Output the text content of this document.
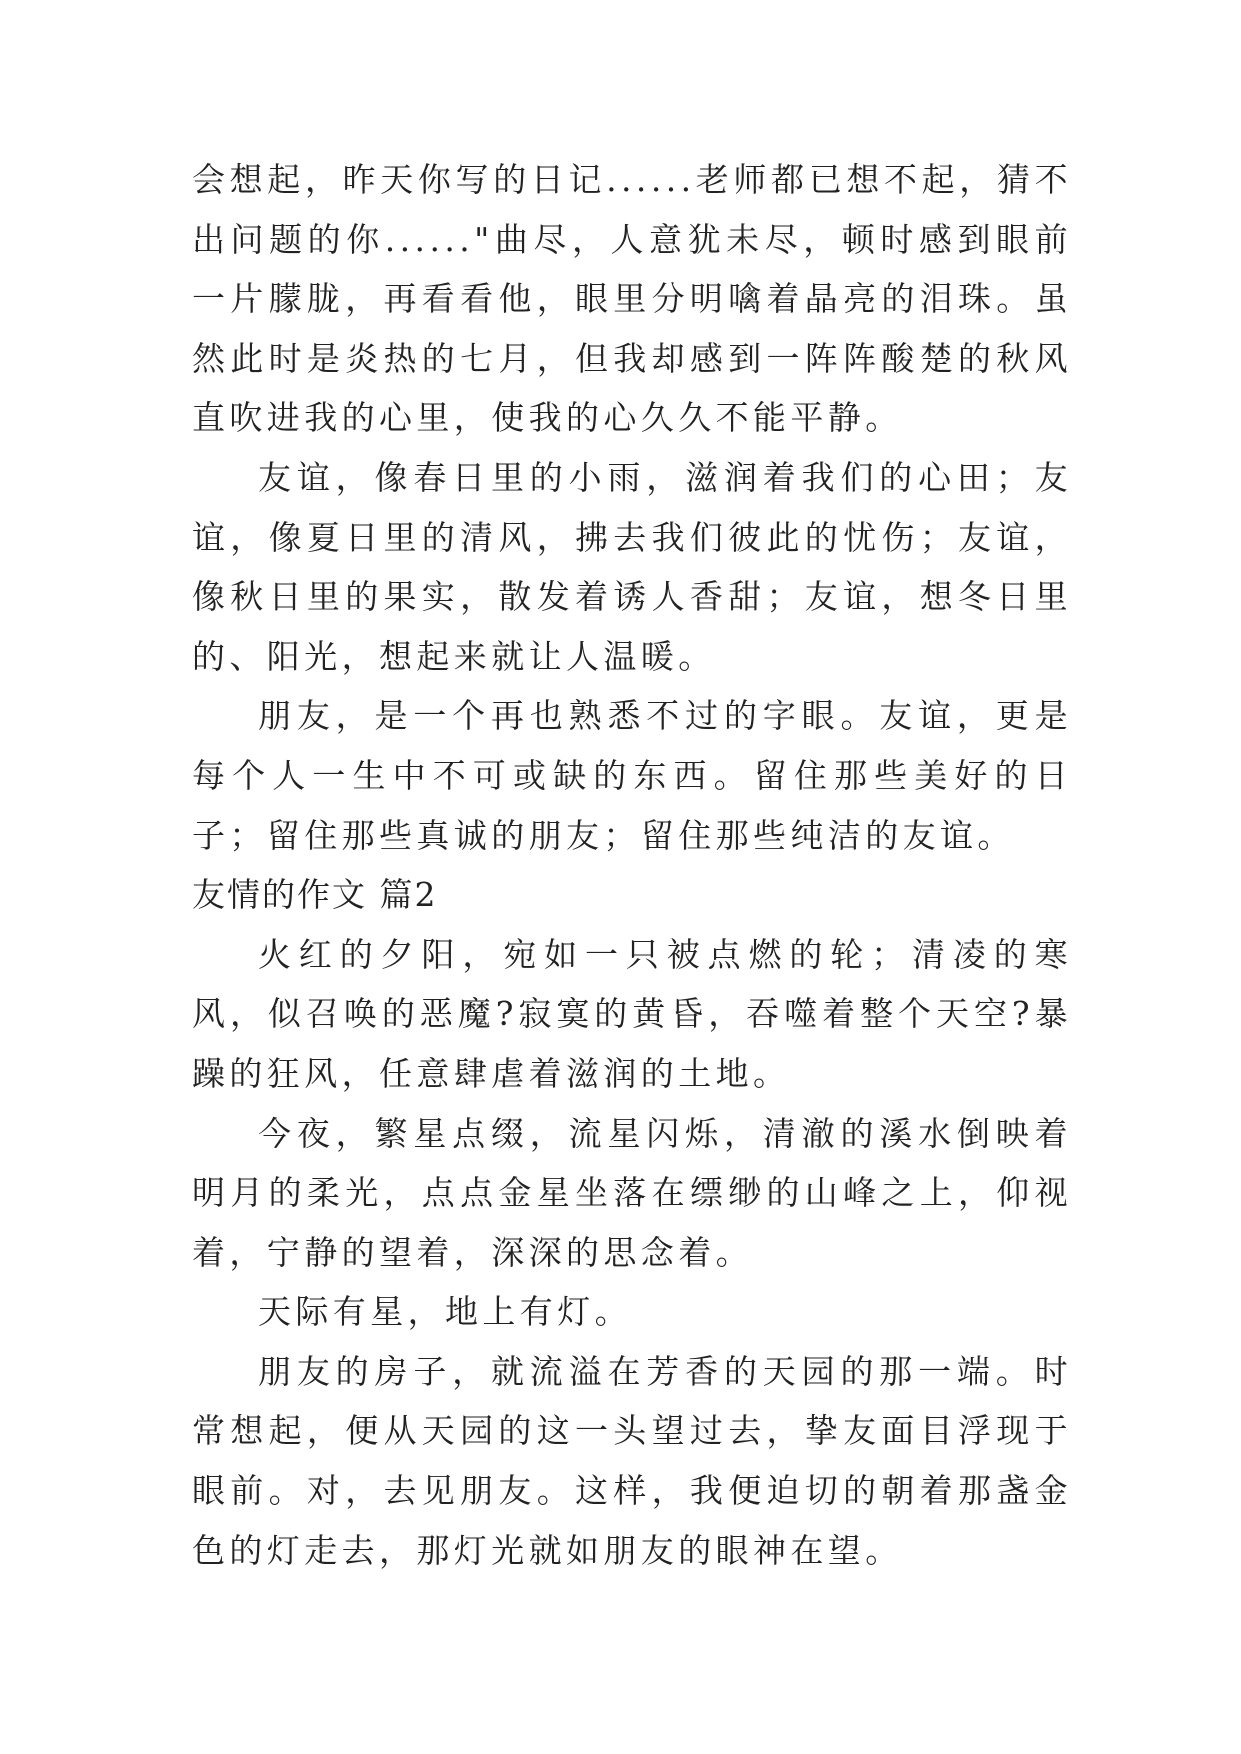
会想起，昨天你写的日记......老师都已想不起，猜不出问题的你......"曲尽，人意犹未尽，顿时感到眼前一片朦胧，再看看他，眼里分明噙着晶亮的泪珠。虽然此时是炎热的七月，但我却感到一阵阵酸楚的秋风直吹进我的心里，使我的心久久不能平静。

友谊，像春日里的小雨，滋润着我们的心田；友谊，像夏日里的清风，拂去我们彼此的忧伤；友谊，像秋日里的果实，散发着诱人香甜；友谊，想冬日里的、阳光，想起来就让人温暖。

朋友，是一个再也熟悉不过的字眼。友谊，更是每个人一生中不可或缺的东西。留住那些美好的日子；留住那些真诚的朋友；留住那些纯洁的友谊。

友情的作文 篇2

火红的夕阳，宛如一只被点燃的轮；清凌的寒风，似召唤的恶魔?寂寞的黄昏，吞噬着整个天空?暴躁的狂风，任意肆虐着滋润的土地。

今夜，繁星点缀，流星闪烁，清澈的溪水倒映着明月的柔光，点点金星坐落在缥缈的山峰之上，仰视着，宁静的望着，深深的思念着。

天际有星，地上有灯。

朋友的房子，就流溢在芳香的天园的那一端。时常想起，便从天园的这一头望过去，挚友面目浮现于眼前。对，去见朋友。这样，我便迫切的朝着那盏金色的灯走去，那灯光就如朋友的眼神在望。
